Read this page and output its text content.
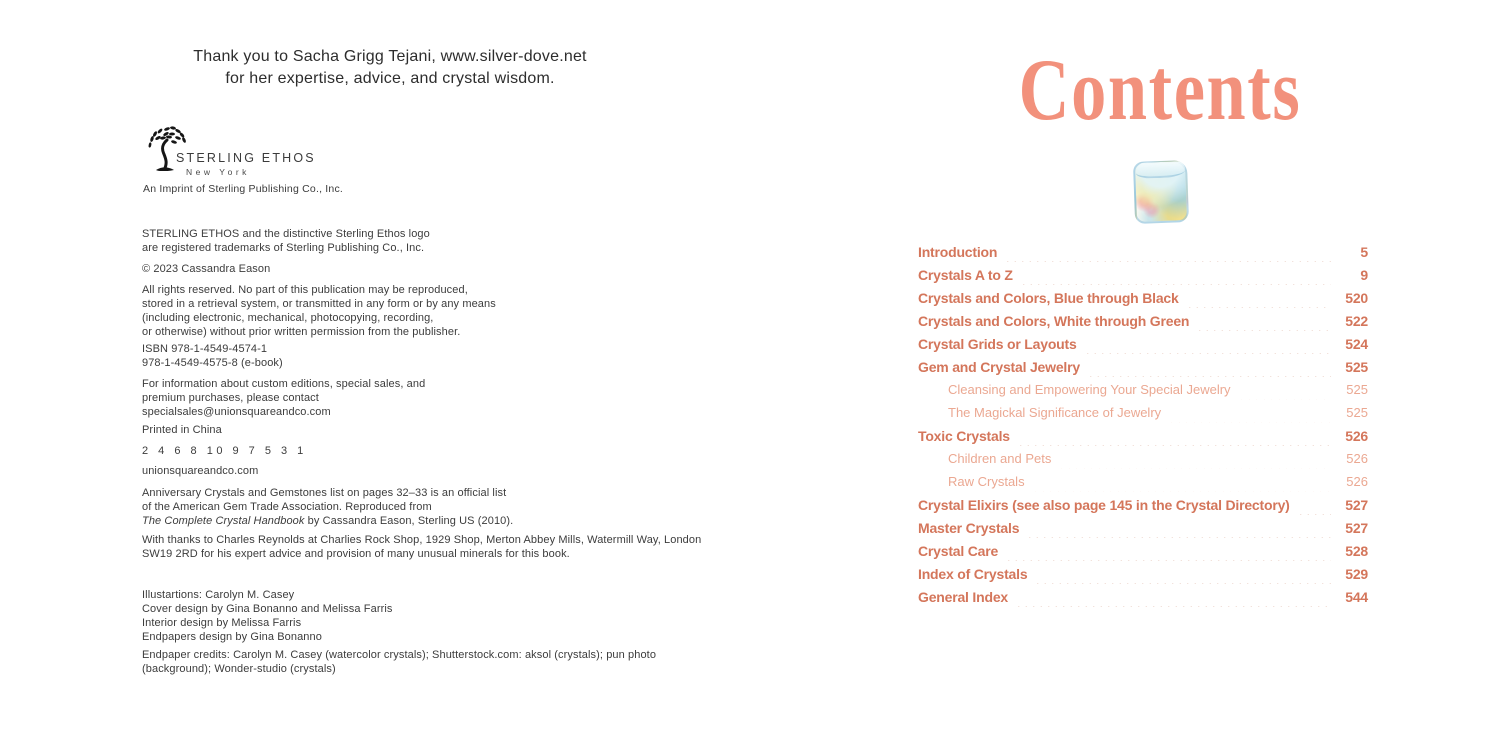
Thank you to Sacha Grigg Tejani, www.silver-dove.net
for her expertise, advice, and crystal wisdom.
STERLING ETHOS
New York
An Imprint of Sterling Publishing Co., Inc.
STERLING ETHOS and the distinctive Sterling Ethos logo
are registered trademarks of Sterling Publishing Co., Inc.
© 2023 Cassandra Eason
All rights reserved. No part of this publication may be reproduced,
stored in a retrieval system, or transmitted in any form or by any means
(including electronic, mechanical, photocopying, recording,
or otherwise) without prior written permission from the publisher.
ISBN 978-1-4549-4574-1
978-1-4549-4575-8 (e-book)
For information about custom editions, special sales, and
premium purchases, please contact
specialsales@unionsquareandco.com
Printed in China
2 4 6 8 10 9 7 5 3 1
unionsquareandco.com
Anniversary Crystals and Gemstones list on pages 32–33 is an official list
of the American Gem Trade Association. Reproduced from
The Complete Crystal Handbook by Cassandra Eason, Sterling US (2010).
With thanks to Charles Reynolds at Charlies Rock Shop, 1929 Shop, Merton Abbey Mills, Watermill Way, London
SW19 2RD for his expert advice and provision of many unusual minerals for this book.
Illustartions: Carolyn M. Casey
Cover design by Gina Bonanno and Melissa Farris
Interior design by Melissa Farris
Endpapers design by Gina Bonanno
Endpaper credits: Carolyn M. Casey (watercolor crystals); Shutterstock.com: aksol (crystals); pun photo
(background); Wonder-studio (crystals)
Contents
Introduction	5
Crystals A to Z	9
Crystals and Colors, Blue through Black	520
Crystals and Colors, White through Green	522
Crystal Grids or Layouts	524
Gem and Crystal Jewelry	525
Cleansing and Empowering Your Special Jewelry	525
The Magickal Significance of Jewelry	525
Toxic Crystals	526
Children and Pets	526
Raw Crystals	526
Crystal Elixirs (see also page 145 in the Crystal Directory)	527
Master Crystals	527
Crystal Care	528
Index of Crystals	529
General Index	544
